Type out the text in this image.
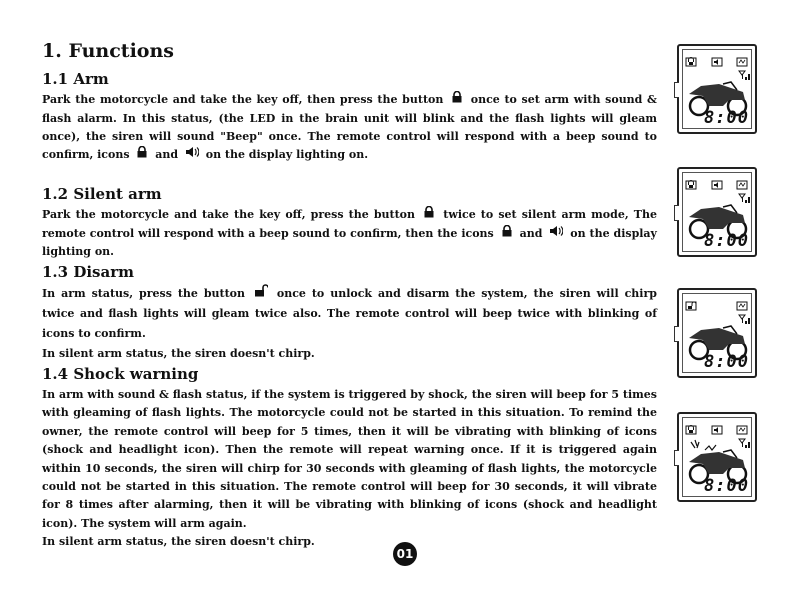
1. Functions
1.1 Arm
Park the motorcycle and take the key off, then press the button once to set arm with sound & flash alarm. In this status, (the LED in the brain unit will blink and the flash lights will gleam once), the siren will sound "Beep" once. The remote control will respond with a beep sound to confirm, icons and	on the display lighting on.
1.2 Silent arm
Park the motorcycle and take the key off, press the button	twice to set silent arm mode, The remote control will respond with a beep sound to confirm, then the icons and	on the display lighting on.
1.3 Disarm
In arm status, press the button	once to unlock and disarm the system, the siren will chirp twice and flash lights will gleam twice also. The remote control will beep twice with blinking of icons to confirm.
In silent arm status, the siren doesn't chirp.
1.4 Shock warning
In arm with sound & flash status, if the system is triggered by shock, the siren will beep for 5 times with gleaming of flash lights. The motorcycle could not be started in this situation. To remind the owner, the remote control will beep for 5 times, then it will be vibrating with blinking of icons (shock and headlight icon). Then the remote will repeat warning once. If it is triggered again within 10 seconds, the siren will chirp for 30 seconds with gleaming of flash lights, the motorcycle could not be started in this situation. The remote control will beep for 30 seconds, it will vibrate for 8 times after alarming, then it will be vibrating with blinking of icons (shock and headlight icon). The system will arm again.
In silent arm status, the siren doesn't chirp.
8:00
8:00
8:00
8:00
01
